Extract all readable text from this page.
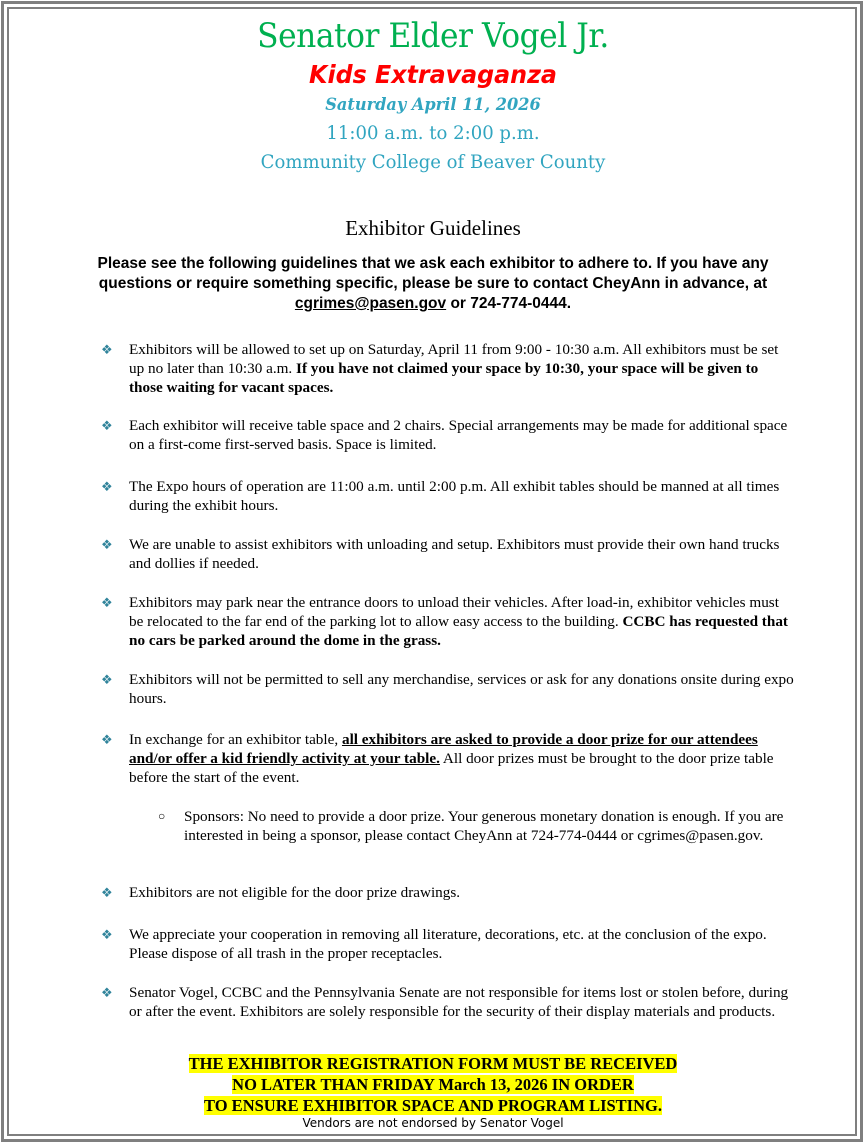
Senator Elder Vogel Jr.
Kids Extravaganza
Saturday April 11, 2026
11:00 a.m. to 2:00 p.m.
Community College of Beaver County
Exhibitor Guidelines
Please see the following guidelines that we ask each exhibitor to adhere to. If you have any questions or require something specific, please be sure to contact CheyAnn in advance, at cgrimes@pasen.gov or 724-774-0444.
❖ Exhibitors will be allowed to set up on Saturday, April 11 from 9:00 - 10:30 a.m. All exhibitors must be set up no later than 10:30 a.m. If you have not claimed your space by 10:30, your space will be given to those waiting for vacant spaces.
❖ Each exhibitor will receive table space and 2 chairs. Special arrangements may be made for additional space on a first-come first-served basis. Space is limited.
❖ The Expo hours of operation are 11:00 a.m. until 2:00 p.m. All exhibit tables should be manned at all times during the exhibit hours.
❖ We are unable to assist exhibitors with unloading and setup. Exhibitors must provide their own hand trucks and dollies if needed.
❖ Exhibitors may park near the entrance doors to unload their vehicles. After load-in, exhibitor vehicles must be relocated to the far end of the parking lot to allow easy access to the building. CCBC has requested that no cars be parked around the dome in the grass.
❖ Exhibitors will not be permitted to sell any merchandise, services or ask for any donations onsite during expo hours.
❖ In exchange for an exhibitor table, all exhibitors are asked to provide a door prize for our attendees and/or offer a kid friendly activity at your table. All door prizes must be brought to the door prize table before the start of the event.
○ Sponsors: No need to provide a door prize. Your generous monetary donation is enough. If you are interested in being a sponsor, please contact CheyAnn at 724-774-0444 or cgrimes@pasen.gov.
❖ Exhibitors are not eligible for the door prize drawings.
❖ We appreciate your cooperation in removing all literature, decorations, etc. at the conclusion of the expo. Please dispose of all trash in the proper receptacles.
❖ Senator Vogel, CCBC and the Pennsylvania Senate are not responsible for items lost or stolen before, during or after the event. Exhibitors are solely responsible for the security of their display materials and products.
THE EXHIBITOR REGISTRATION FORM MUST BE RECEIVED
NO LATER THAN FRIDAY March 13, 2026 IN ORDER
TO ENSURE EXHIBITOR SPACE AND PROGRAM LISTING.
Vendors are not endorsed by Senator Vogel
